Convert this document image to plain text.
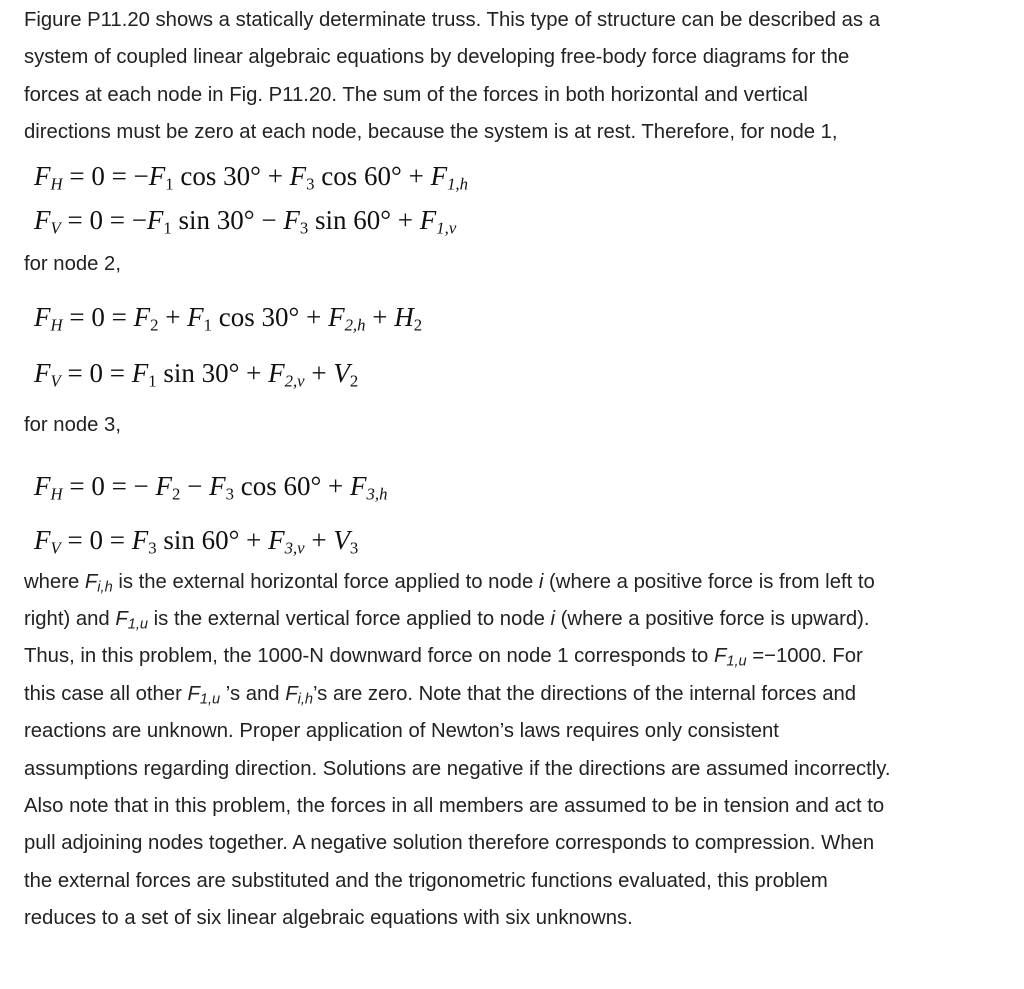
Figure P11.20 shows a statically determinate truss. This type of structure can be described as a
system of coupled linear algebraic equations by developing free-body force diagrams for the
forces at each node in Fig. P11.20. The sum of the forces in both horizontal and vertical
directions must be zero at each node, because the system is at rest. Therefore, for node 1,

$F_H = 0 = -F_1$ $\cos 30^\circ + F_3$ $\cos 60^\circ + F_{1,h}$
$F_V = 0 = -F_1$ $\sin 30^\circ - F_3$ $\sin 60^\circ + F_{1,v}$
for node 2,
$F_H = 0 = F_2 + F_1$ $\cos 30^\circ + F_{2,h} + H_2$
$F_V = 0 = F_1$ $\sin 30^\circ + F_{2,v} + V_2$
for node 3,
$F_H = 0$ = − $F_2 - F_3$ $\cos 60^\circ + F_{3,h}$
$F_V = 0 = F_3$ $\sin 60^\circ + F_{3,v} + V_3$

where $F_{i,h}$ is the external horizontal force applied to node i (where a positive force is from left to
right) and $F_{1,u}$ is the external vertical force applied to node i (where a positive force is upward).
Thus, in this problem, the 1000-N downward force on node 1 corresponds to $F_{1,u} =-1000$. For
this case all other $F_{1,u}$ ’s and $F_{i,h}’s$ are zero. Note that the directions of the internal forces and
reactions are unknown. Proper application of Newton’s laws requires only consistent
assumptions regarding direction. Solutions are negative if the directions are assumed incorrectly.
Also note that in this problem, the forces in all members are assumed to be in tension and act to
pull adjoining nodes together. A negative solution therefore corresponds to compression. When
the external forces are substituted and the trigonometric functions evaluated, this problem
reduces to a set of six linear algebraic equations with six unknowns.
